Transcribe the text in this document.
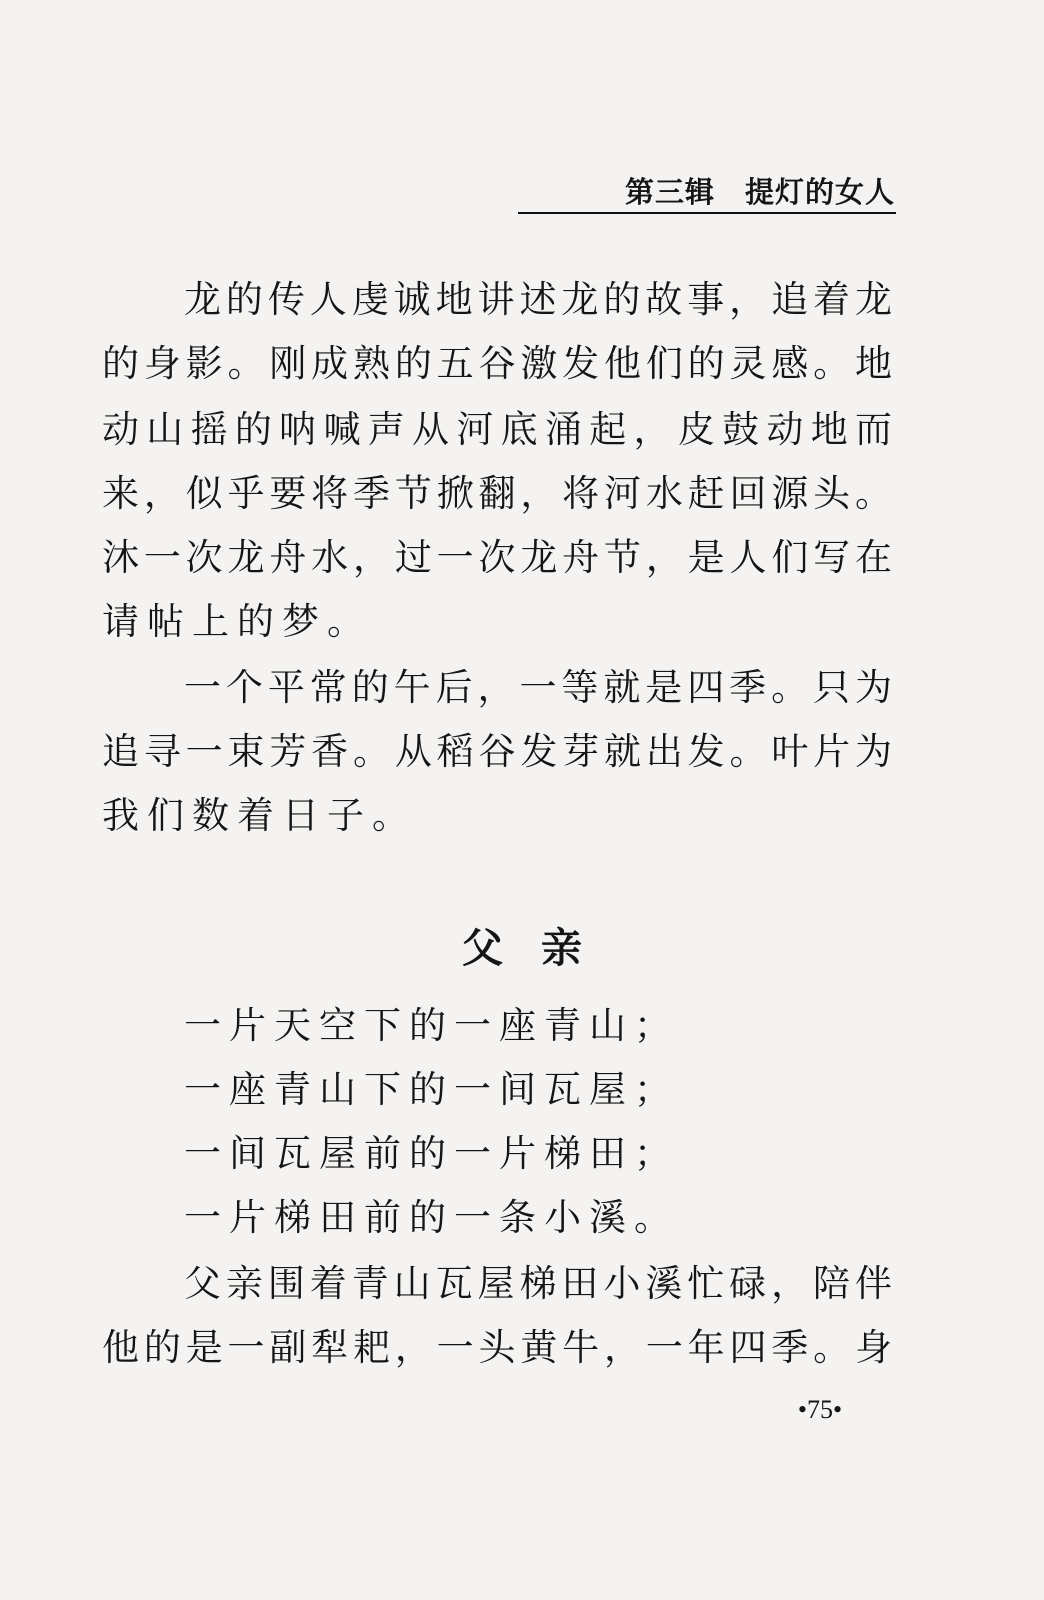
第三辑　提灯的女人
龙的传人虔诚地讲述龙的故事，追着龙
的身影。刚成熟的五谷激发他们的灵感。地
动山摇的呐喊声从河底涌起，皮鼓动地而
来，似乎要将季节掀翻，将河水赶回源头。
沐一次龙舟水，过一次龙舟节，是人们写在
请帖上的梦。
一个平常的午后，一等就是四季。只为
追寻一束芳香。从稻谷发芽就出发。叶片为
我们数着日子。
父亲
一片天空下的一座青山；
一座青山下的一间瓦屋；
一间瓦屋前的一片梯田；
一片梯田前的一条小溪。
父亲围着青山瓦屋梯田小溪忙碌，陪伴
他的是一副犁耙，一头黄牛，一年四季。身
•75•
